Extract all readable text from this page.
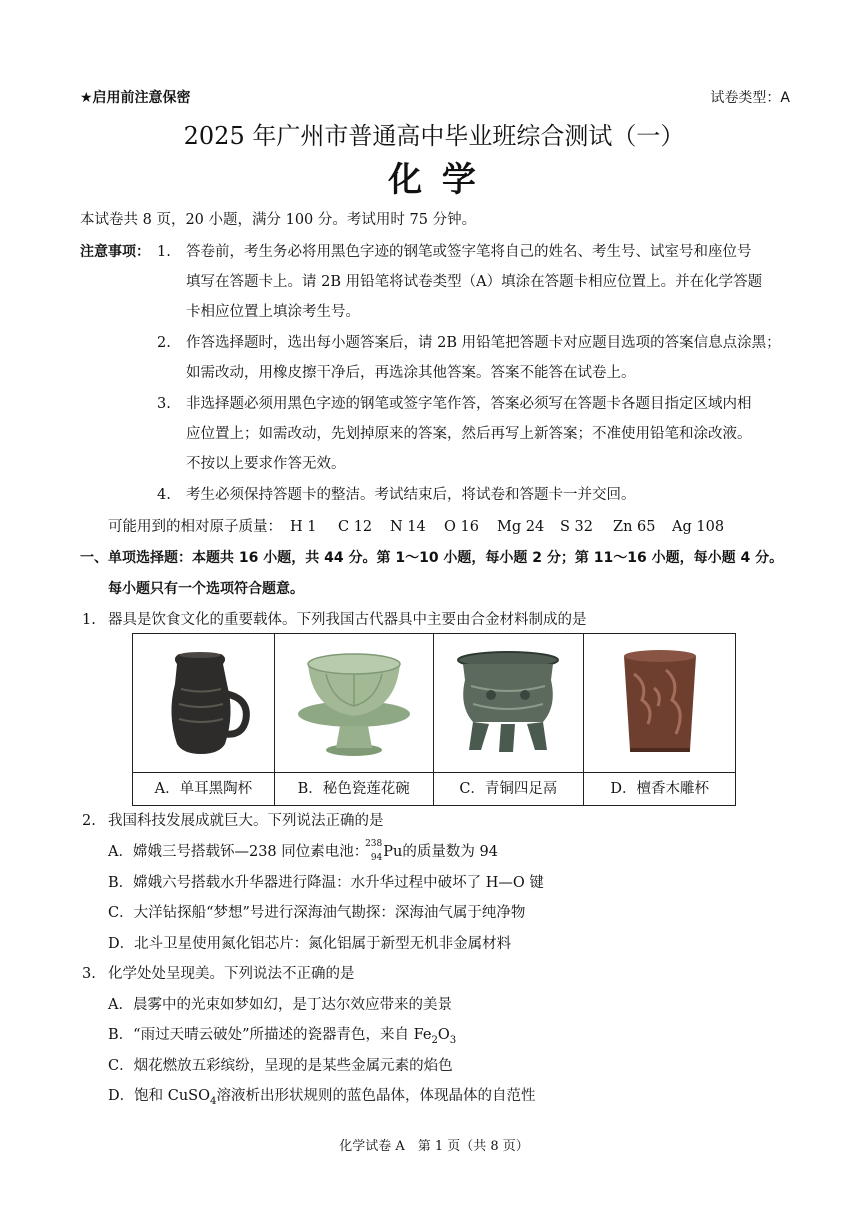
★启用前注意保密	试卷类型：A
2025 年广州市普通高中毕业班综合测试（一）
化 学
本试卷共 8 页，20 小题，满分 100 分。考试用时 75 分钟。
注意事项： 1. 答卷前，考生务必将用黑色字迹的钢笔或签字笔将自己的姓名、考生号、试室号和座位号
填写在答题卡上。请 2B 用铅笔将试卷类型（A）填涂在答题卡相应位置上。并在化学答题
卡相应位置上填涂考生号。
2. 作答选择题时，选出每小题答案后，请 2B 用铅笔把答题卡对应题目选项的答案信息点涂黑；
如需改动，用橡皮擦干净后，再选涂其他答案。答案不能答在试卷上。
3. 非选择题必须用黑色字迹的钢笔或签字笔作答，答案必须写在答题卡各题目指定区域内相
应位置上；如需改动，先划掉原来的答案，然后再写上新答案；不准使用铅笔和涂改液。
不按以上要求作答无效。
4. 考生必须保持答题卡的整洁。考试结束后，将试卷和答题卡一并交回。
可能用到的相对原子质量： H 1 C 12 N 14 O 16 Mg 24 S 32 Zn 65 Ag 108
一、单项选择题：本题共 16 小题，共 44 分。第 1～10 小题，每小题 2 分；第 11～16 小题，每小题 4 分。
每小题只有一个选项符合题意。
1. 器具是饮食文化的重要载体。下列我国古代器具中主要由合金材料制成的是

A．单耳黑陶杯	B．秘色瓷莲花碗	C．青铜四足鬲	D．檀香木雕杯
2. 我国科技发展成就巨大。下列说法正确的是
A．嫦娥三号搭载钚—238 同位素电池：
238
94 Pu的质量数为 94
B．嫦娥六号搭载水升华器进行降温：水升华过程中破坏了 H—O 键
C．大洋钻探船“梦想”号进行深海油气勘探：深海油气属于纯净物
D．北斗卫星使用氮化铝芯片：氮化铝属于新型无机非金属材料
3. 化学处处呈现美。下列说法不正确的是
A．晨雾中的光束如梦如幻，是丁达尔效应带来的美景
B．“雨过天晴云破处”所描述的瓷器青色，来自 $Fe_2O_3$
C．烟花燃放五彩缤纷，呈现的是某些金属元素的焰色
D．饱和 CuSO$_4$溶液析出形状规则的蓝色晶体，体现晶体的自范性
化学试卷 A　第 1 页（共 8 页）
